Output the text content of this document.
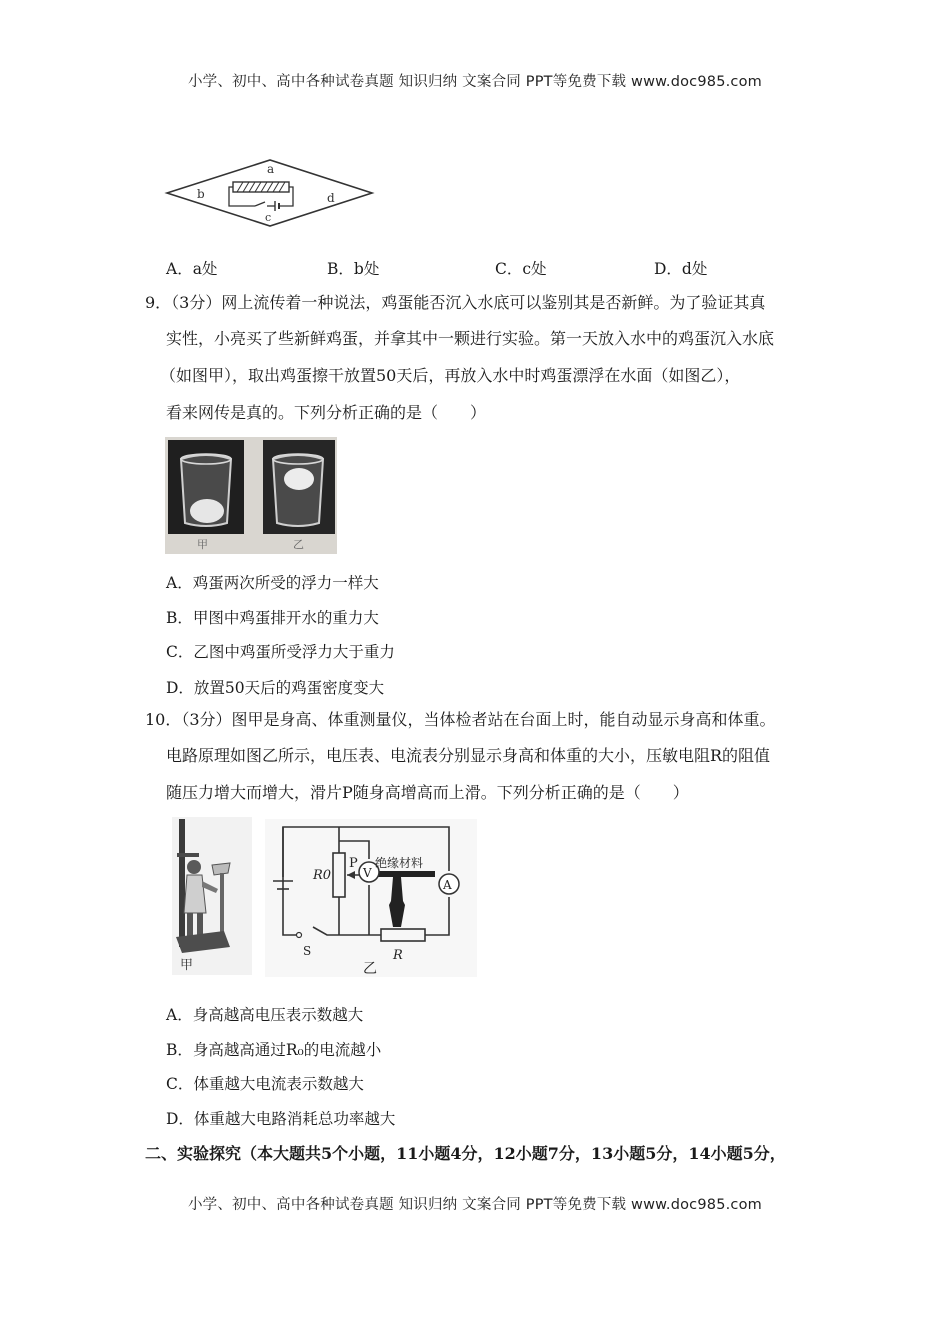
小学、初中、高中各种试卷真题 知识归纳 文案合同 PPT等免费下载 www.doc985.com
a
b
c
d
A．a处	B．b处	C．c处	D．d处
9．（3分）网上流传着一种说法，鸡蛋能否沉入水底可以鉴别其是否新鲜。为了验证其真
实性，小亮买了些新鲜鸡蛋，并拿其中一颗进行实验。第一天放入水中的鸡蛋沉入水底
（如图甲），取出鸡蛋擦干放置50天后，再放入水中时鸡蛋漂浮在水面（如图乙），
看来网传是真的。下列分析正确的是（　　）
甲	乙
A．鸡蛋两次所受的浮力一样大
B．甲图中鸡蛋排开水的重力大
C．乙图中鸡蛋所受浮力大于重力
D．放置50天后的鸡蛋密度变大
10．（3分）图甲是身高、体重测量仪，当体检者站在台面上时，能自动显示身高和体重。
电路原理如图乙所示，电压表、电流表分别显示身高和体重的大小，压敏电阻R的阻值
随压力增大而增大，滑片P随身高增高而上滑。下列分析正确的是（　　）
甲
V
A
R0
P 绝缘材料
S	R
乙
A．身高越高电压表示数越大
B．身高越高通过R₀的电流越小
C．体重越大电流表示数越大
D．体重越大电路消耗总功率越大
二、实验探究（本大题共5个小题，11小题4分，12小题7分，13小题5分，14小题5分，
小学、初中、高中各种试卷真题 知识归纳 文案合同 PPT等免费下载 www.doc985.com
